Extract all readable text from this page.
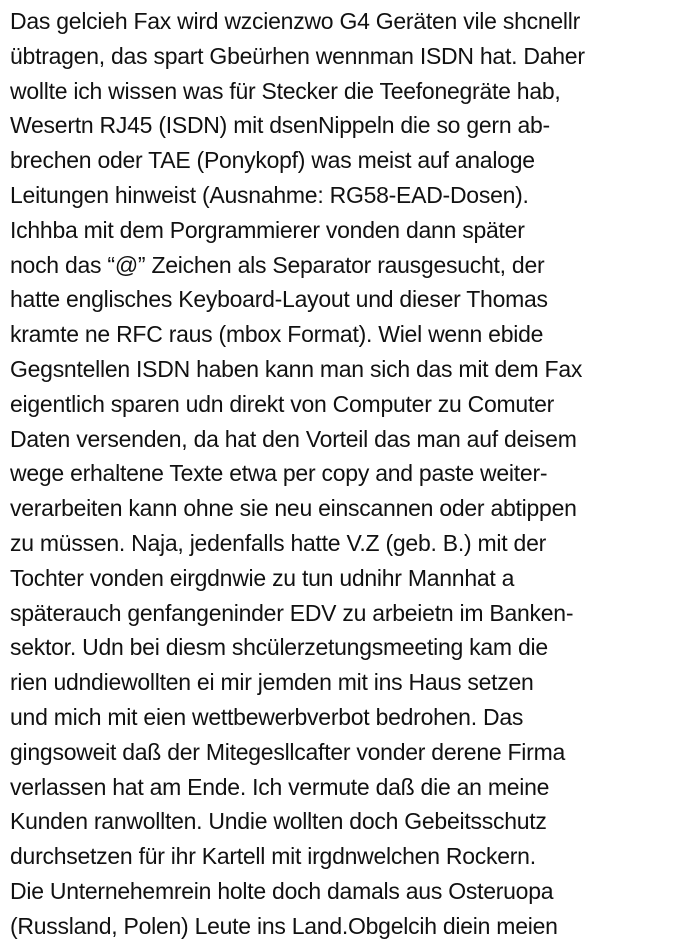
Das gelcieh Fax wird wzcienzwo G4 Geräten vile shcnellr
übtragen, das spart Gbeürhen wennman ISDN hat. Daher
wollte ich wissen was für Stecker die Teefonegräte hab,
Wesertn RJ45 (ISDN) mit dsenNippeln die so gern ab-
brechen oder TAE (Ponykopf) was meist auf analoge
Leitungen hinweist (Ausnahme: RG58-EAD-Dosen).
Ichhba mit dem Porgrammierer vonden dann später
noch das “@” Zeichen als Separator rausgesucht, der
hatte englisches Keyboard-Layout und dieser Thomas
kramte ne RFC raus (mbox Format). Wiel wenn ebide
Gegsntellen ISDN haben kann man sich das mit dem Fax
eigentlich sparen udn direkt von Computer zu Comuter
Daten versenden, da hat den Vorteil das man auf deisem
wege erhaltene Texte etwa per copy and paste weiter-
verarbeiten kann ohne sie neu einscannen oder abtippen
zu müssen. Naja, jedenfalls hatte V.Z (geb. B.) mit der
Tochter vonden eirgdnwie zu tun udnihr Mannhat a
späterauch genfangeninder EDV zu arbeietn im Banken-
sektor. Udn bei diesm shcülerzetungsmeeting kam die
rien udndiewollten ei mir jemden mit ins Haus setzen
und mich mit eien wettbewerbverbot bedrohen. Das
gingsoweit daß der Mitegesllcafter vonder derene Firma
verlassen hat am Ende. Ich vermute daß die an meine
Kunden ranwollten. Undie wollten doch Gebeitsschutz
durchsetzen für ihr Kartell mit irgdnwelchen Rockern.
Die Unternehemrein holte doch damals aus Osteruopa
(Russland, Polen) Leute ins Land.Obgelcih diein meien
